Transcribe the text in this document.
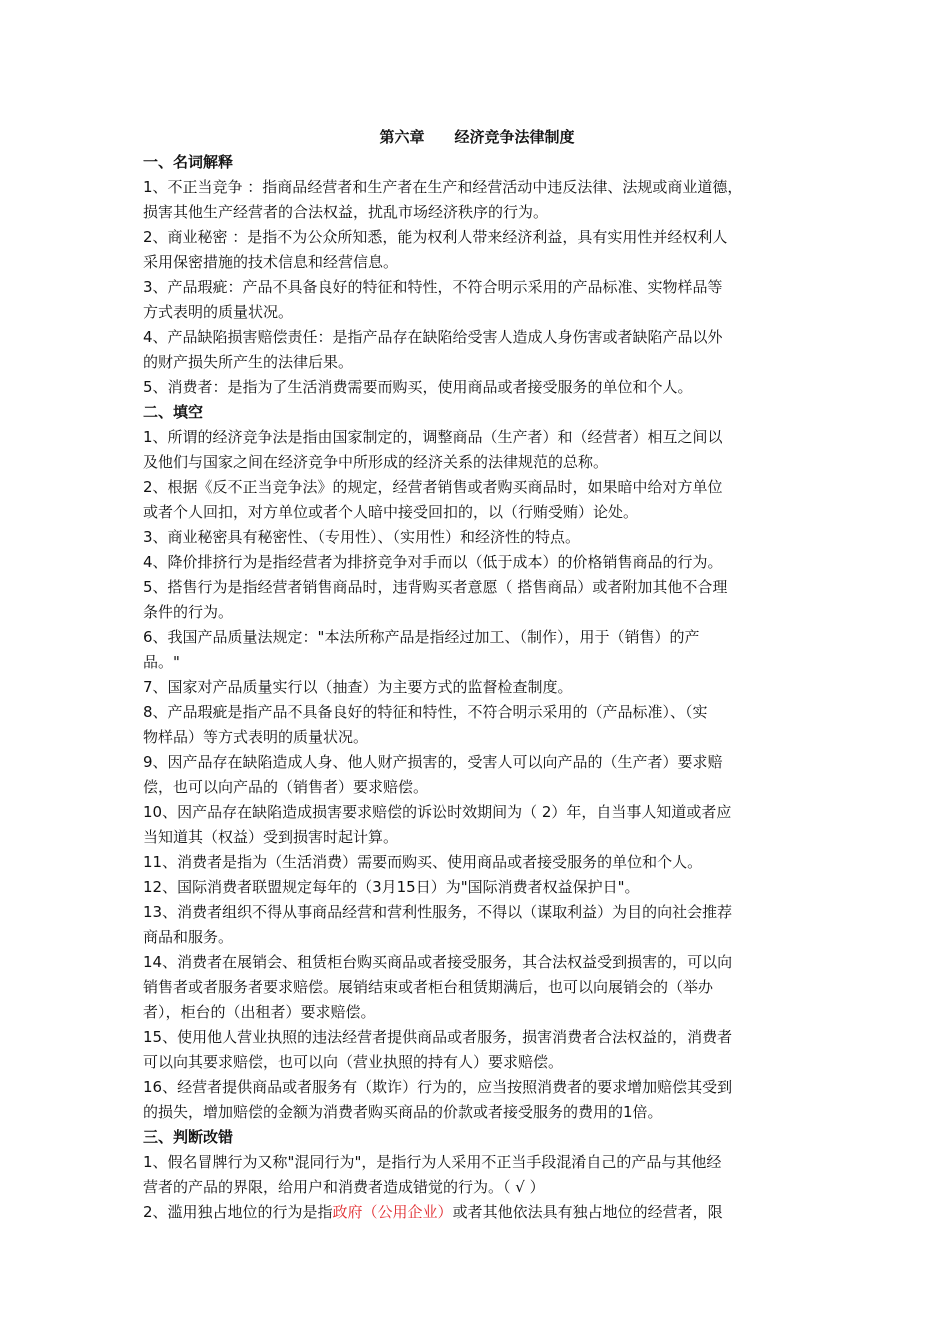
第六章　　经济竞争法律制度
一、名词解释
1、不正当竞争 ：指商品经营者和生产者在生产和经营活动中违反法律、法规或商业道德，
损害其他生产经营者的合法权益，扰乱市场经济秩序的行为。
2、商业秘密 ：是指不为公众所知悉，能为权利人带来经济利益，具有实用性并经权利人
采用保密措施的技术信息和经营信息。
3、产品瑕疵：产品不具备良好的特征和特性，不符合明示采用的产品标准、实物样品等
方式表明的质量状况。
4、产品缺陷损害赔偿责任：是指产品存在缺陷给受害人造成人身伤害或者缺陷产品以外
的财产损失所产生的法律后果。
5、消费者：是指为了生活消费需要而购买，使用商品或者接受服务的单位和个人。
二、填空
1、所谓的经济竞争法是指由国家制定的，调整商品（生产者）和（经营者）相互之间以
及他们与国家之间在经济竞争中所形成的经济关系的法律规范的总称。
2、根据《反不正当竞争法》的规定，经营者销售或者购买商品时，如果暗中给对方单位
或者个人回扣，对方单位或者个人暗中接受回扣的，以（行贿受贿）论处。
3、商业秘密具有秘密性、（专用性）、（实用性）和经济性的特点。
4、降价排挤行为是指经营者为排挤竞争对手而以（低于成本）的价格销售商品的行为。
5、搭售行为是指经营者销售商品时，违背购买者意愿（ 搭售商品）或者附加其他不合理
条件的行为。
6、我国产品质量法规定："本法所称产品是指经过加工、（制作），用于（销售）的产
品。"
7、国家对产品质量实行以（抽查）为主要方式的监督检查制度。
8、产品瑕疵是指产品不具备良好的特征和特性，不符合明示采用的（产品标准）、（实
物样品）等方式表明的质量状况。
9、因产品存在缺陷造成人身、他人财产损害的，受害人可以向产品的（生产者）要求赔
偿，也可以向产品的（销售者）要求赔偿。
10、因产品存在缺陷造成损害要求赔偿的诉讼时效期间为（ 2）年，自当事人知道或者应
当知道其（权益）受到损害时起计算。
11、消费者是指为（生活消费）需要而购买、使用商品或者接受服务的单位和个人。
12、国际消费者联盟规定每年的（3月15日）为"国际消费者权益保护日"。
13、消费者组织不得从事商品经营和营利性服务，不得以（谋取利益）为目的向社会推荐
商品和服务。
14、消费者在展销会、租赁柜台购买商品或者接受服务，其合法权益受到损害的，可以向
销售者或者服务者要求赔偿。展销结束或者柜台租赁期满后，也可以向展销会的（举办
者），柜台的（出租者）要求赔偿。
15、使用他人营业执照的违法经营者提供商品或者服务，损害消费者合法权益的，消费者
可以向其要求赔偿，也可以向（营业执照的持有人）要求赔偿。
16、经营者提供商品或者服务有（欺诈）行为的，应当按照消费者的要求增加赔偿其受到
的损失，增加赔偿的金额为消费者购买商品的价款或者接受服务的费用的1倍。
三、判断改错
1、假名冒牌行为又称"混同行为"，是指行为人采用不正当手段混淆自己的产品与其他经
营者的产品的界限，给用户和消费者造成错觉的行为。（ √ ）
2、滥用独占地位的行为是指政府（公用企业）或者其他依法具有独占地位的经营者，限
